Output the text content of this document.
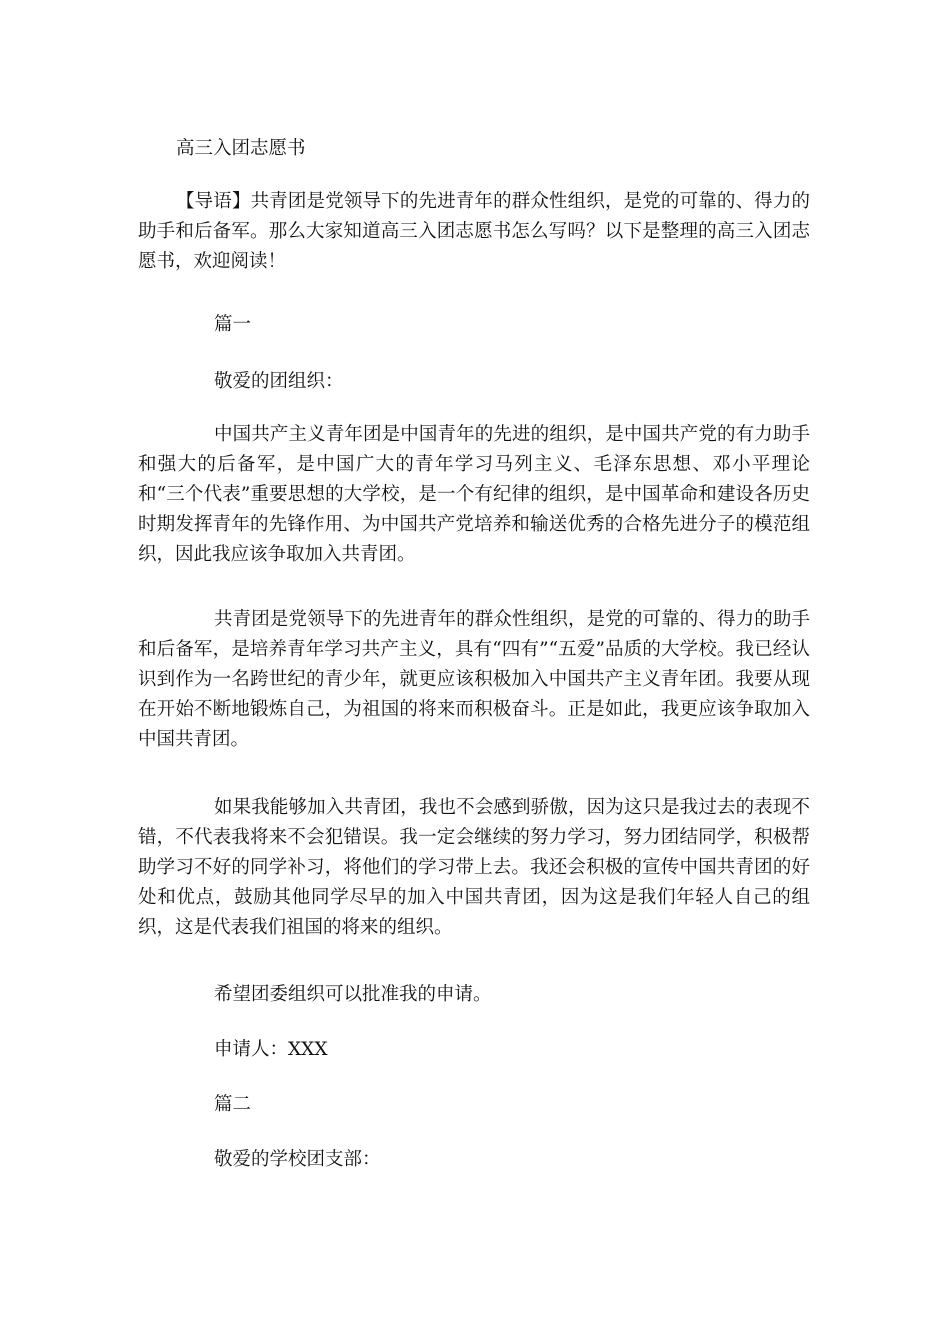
高三入团志愿书
【导语】共青团是党领导下的先进青年的群众性组织，是党的可靠的、得力的助手和后备军。那么大家知道高三入团志愿书怎么写吗？以下是整理的高三入团志愿书，欢迎阅读！
篇一
敬爱的团组织：
中国共产主义青年团是中国青年的先进的组织，是中国共产党的有力助手和强大的后备军，是中国广大的青年学习马列主义、毛泽东思想、邓小平理论和“三个代表”重要思想的大学校，是一个有纪律的组织，是中国革命和建设各历史时期发挥青年的先锋作用、为中国共产党培养和输送优秀的合格先进分子的模范组织，因此我应该争取加入共青团。
共青团是党领导下的先进青年的群众性组织，是党的可靠的、得力的助手和后备军，是培养青年学习共产主义，具有“四有”“五爱”品质的大学校。我已经认识到作为一名跨世纪的青少年，就更应该积极加入中国共产主义青年团。我要从现在开始不断地锻炼自己，为祖国的将来而积极奋斗。正是如此，我更应该争取加入中国共青团。
如果我能够加入共青团，我也不会感到骄傲，因为这只是我过去的表现不错，不代表我将来不会犯错误。我一定会继续的努力学习，努力团结同学，积极帮助学习不好的同学补习，将他们的学习带上去。我还会积极的宣传中国共青团的好处和优点，鼓励其他同学尽早的加入中国共青团，因为这是我们年轻人自己的组织，这是代表我们祖国的将来的组织。
希望团委组织可以批准我的申请。
申请人：XXX
篇二
敬爱的学校团支部：
